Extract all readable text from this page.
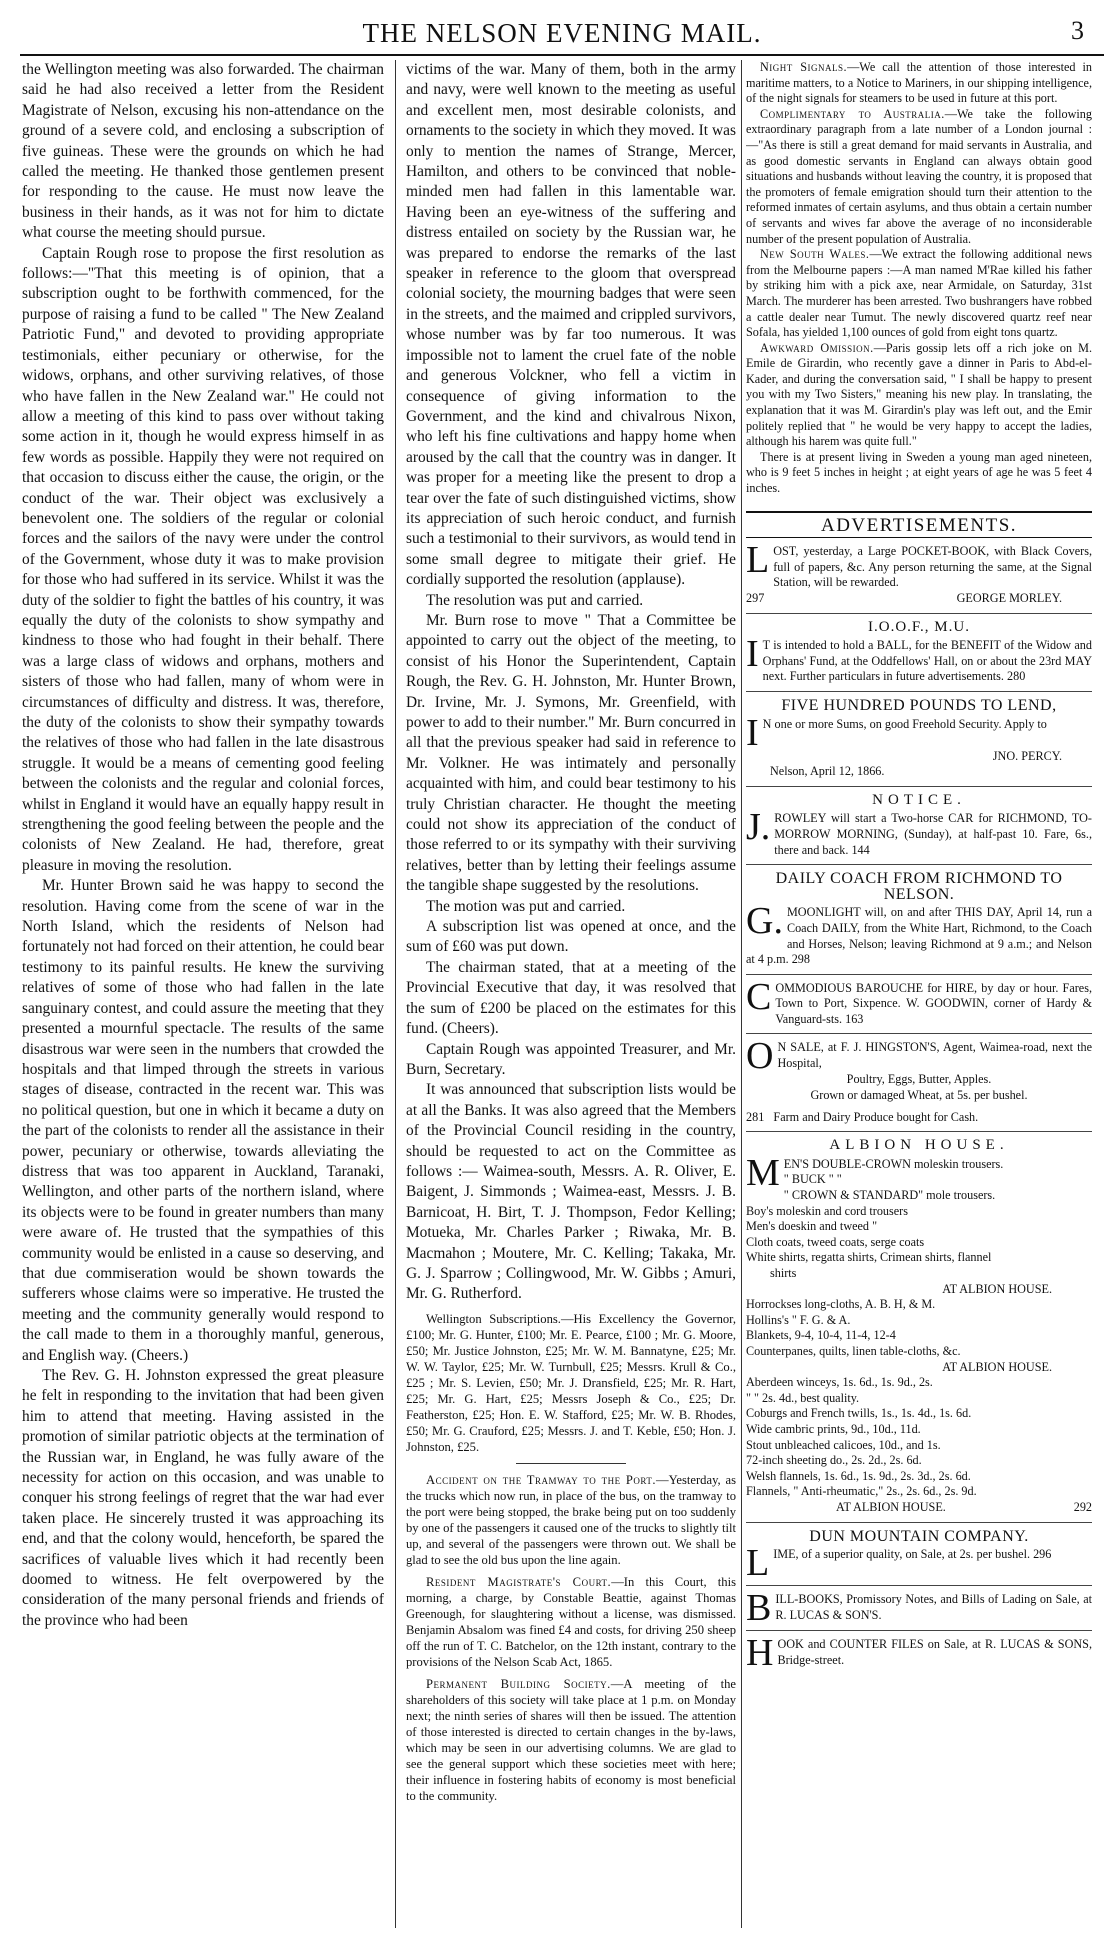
THE NELSON EVENING MAIL.	3

the Wellington meeting was also forwarded. The chairman said he had also received a letter from the Resident Magistrate of Nelson, excusing his non-attendance on the ground of a severe cold, and enclosing a subscription of five guineas. These were the grounds on which he had called the meeting. He thanked those gentlemen present for responding to the cause. He must now leave the business in their hands, as it was not for him to dictate what course the meeting should pursue.

Captain Rough rose to propose the first resolution as follows:—"That this meeting is of opinion, that a subscription ought to be forthwith commenced, for the purpose of raising a fund to be called " The New Zealand Patriotic Fund," and devoted to providing appropriate testimonials, either pecuniary or otherwise, for the widows, orphans, and other surviving relatives, of those who have fallen in the New Zealand war." He could not allow a meeting of this kind to pass over without taking some action in it, though he would express himself in as few words as possible. Happily they were not required on that occasion to discuss either the cause, the origin, or the conduct of the war. Their object was exclusively a benevolent one. The soldiers of the regular or colonial forces and the sailors of the navy were under the control of the Government, whose duty it was to make provision for those who had suffered in its service. Whilst it was the duty of the soldier to fight the battles of his country, it was equally the duty of the colonists to show sympathy and kindness to those who had fought in their behalf. There was a large class of widows and orphans, mothers and sisters of those who had fallen, many of whom were in circumstances of difficulty and distress. It was, therefore, the duty of the colonists to show their sympathy towards the relatives of those who had fallen in the late disastrous struggle. It would be a means of cementing good feeling between the colonists and the regular and colonial forces, whilst in England it would have an equally happy result in strengthening the good feeling between the people and the colonists of New Zealand. He had, therefore, great pleasure in moving the resolution.

Mr. Hunter Brown said he was happy to second the resolution. Having come from the scene of war in the North Island, which the residents of Nelson had fortunately not had forced on their attention, he could bear testimony to its painful results. He knew the surviving relatives of some of those who had fallen in the late sanguinary contest, and could assure the meeting that they presented a mournful spectacle. The results of the same disastrous war were seen in the numbers that crowded the hospitals and that limped through the streets in various stages of disease, contracted in the recent war. This was no political question, but one in which it became a duty on the part of the colonists to render all the assistance in their power, pecuniary or otherwise, towards alleviating the distress that was too apparent in Auckland, Taranaki, Wellington, and other parts of the northern island, where its objects were to be found in greater numbers than many were aware of. He trusted that the sympathies of this community would be enlisted in a cause so deserving, and that due commiseration would be shown towards the sufferers whose claims were so imperative. He trusted the meeting and the community generally would respond to the call made to them in a thoroughly manful, generous, and English way. (Cheers.)

The Rev. G. H. Johnston expressed the great pleasure he felt in responding to the invitation that had been given him to attend that meeting. Having assisted in the promotion of similar patriotic objects at the termination of the Russian war, in England, he was fully aware of the necessity for action on this occasion, and was unable to conquer his strong feelings of regret that the war had ever taken place. He sincerely trusted it was approaching its end, and that the colony would, henceforth, be spared the sacrifices of valuable lives which it had recently been doomed to witness. He felt overpowered by the consideration of the many personal friends and friends of the province who had been

victims of the war. Many of them, both in the army and navy, were well known to the meeting as useful and excellent men, most desirable colonists, and ornaments to the society in which they moved. It was only to mention the names of Strange, Mercer, Hamilton, and others to be convinced that noble-minded men had fallen in this lamentable war. Having been an eye-witness of the suffering and distress entailed on society by the Russian war, he was prepared to endorse the remarks of the last speaker in reference to the gloom that overspread colonial society, the mourning badges that were seen in the streets, and the maimed and crippled survivors, whose number was by far too numerous. It was impossible not to lament the cruel fate of the noble and generous Volckner, who fell a victim in consequence of giving information to the Government, and the kind and chivalrous Nixon, who left his fine cultivations and happy home when aroused by the call that the country was in danger. It was proper for a meeting like the present to drop a tear over the fate of such distinguished victims, show its appreciation of such heroic conduct, and furnish such a testimonial to their survivors, as would tend in some small degree to mitigate their grief. He cordially supported the resolution (applause).

The resolution was put and carried.

Mr. Burn rose to move " That a Committee be appointed to carry out the object of the meeting, to consist of his Honor the Superintendent, Captain Rough, the Rev. G. H. Johnston, Mr. Hunter Brown, Dr. Irvine, Mr. J. Symons, Mr. Greenfield, with power to add to their number." Mr. Burn concurred in all that the previous speaker had said in reference to Mr. Volkner. He was intimately and personally acquainted with him, and could bear testimony to his truly Christian character. He thought the meeting could not show its appreciation of the conduct of those referred to or its sympathy with their surviving relatives, better than by letting their feelings assume the tangible shape suggested by the resolutions.

The motion was put and carried.

A subscription list was opened at once, and the sum of £60 was put down.

The chairman stated, that at a meeting of the Provincial Executive that day, it was resolved that the sum of £200 be placed on the estimates for this fund. (Cheers).

Captain Rough was appointed Treasurer, and Mr. Burn, Secretary.

It was announced that subscription lists would be at all the Banks. It was also agreed that the Members of the Provincial Council residing in the country, should be requested to act on the Committee as follows :— Waimea-south, Messrs. A. R. Oliver, E. Baigent, J. Simmonds ; Waimea-east, Messrs. J. B. Barnicoat, H. Birt, T. J. Thompson, Fedor Kelling; Motueka, Mr. Charles Parker ; Riwaka, Mr. B. Macmahon ; Moutere, Mr. C. Kelling; Takaka, Mr. G. J. Sparrow ; Collingwood, Mr. W. Gibbs ; Amuri, Mr. G. Rutherford.

Wellington Subscriptions.—His Excellency the Governor, £100; Mr. G. Hunter, £100; Mr. E. Pearce, £100 ; Mr. G. Moore, £50; Mr. Justice Johnston, £25; Mr. W. M. Bannatyne, £25; Mr. W. W. Taylor, £25; Mr. W. Turnbull, £25; Messrs. Krull & Co., £25 ; Mr. S. Levien, £50; Mr. J. Dransfield, £25; Mr. R. Hart, £25; Mr. G. Hart, £25; Messrs Joseph & Co., £25; Dr. Featherston, £25; Hon. E. W. Stafford, £25; Mr. W. B. Rhodes, £50; Mr. G. Crauford, £25; Messrs. J. and T. Keble, £50; Hon. J. Johnston, £25.

Accident on the Tramway to the Port.—Yesterday, as the trucks which now run, in place of the bus, on the tramway to the port were being stopped, the brake being put on too suddenly by one of the passengers it caused one of the trucks to slightly tilt up, and several of the passengers were thrown out. We shall be glad to see the old bus upon the line again.

Resident Magistrate's Court.—In this Court, this morning, a charge, by Constable Beattie, against Thomas Greenough, for slaughtering without a license, was dismissed. Benjamin Absalom was fined £4 and costs, for driving 250 sheep off the run of T. C. Batchelor, on the 12th instant, contrary to the provisions of the Nelson Scab Act, 1865.

Permanent Building Society.—A meeting of the shareholders of this society will take place at 1 p.m. on Monday next; the ninth series of shares will then be issued. The attention of those interested is directed to certain changes in the by-laws, which may be seen in our advertising columns. We are glad to see the general support which these societies meet with here; their influence in fostering habits of economy is most beneficial to the community.

Night Signals.—We call the attention of those interested in maritime matters, to a Notice to Mariners, in our shipping intelligence, of the night signals for steamers to be used in future at this port.

Complimentary to Australia.—We take the following extraordinary paragraph from a late number of a London journal :—"As there is still a great demand for maid servants in Australia, and as good domestic servants in England can always obtain good situations and husbands without leaving the country, it is proposed that the promoters of female emigration should turn their attention to the reformed inmates of certain asylums, and thus obtain a certain number of servants and wives far above the average of no inconsiderable number of the present population of Australia.

New South Wales.—We extract the following additional news from the Melbourne papers :—A man named M'Rae killed his father by striking him with a pick axe, near Armidale, on Saturday, 31st March. The murderer has been arrested. Two bushrangers have robbed a cattle dealer near Tumut. The newly discovered quartz reef near Sofala, has yielded 1,100 ounces of gold from eight tons quartz.

Awkward Omission.—Paris gossip lets off a rich joke on M. Emile de Girardin, who recently gave a dinner in Paris to Abd-el-Kader, and during the conversation said, " I shall be happy to present you with my Two Sisters," meaning his new play. In translating, the explanation that it was M. Girardin's play was left out, and the Emir politely replied that " he would be very happy to accept the ladies, although his harem was quite full."

There is at present living in Sweden a young man aged nineteen, who is 9 feet 5 inches in height ; at eight years of age he was 5 feet 4 inches.

ADVERTISEMENTS.

LOST, yesterday, a Large POCKET-BOOK, with Black Covers, full of papers, &c. Any person returning the same, at the Signal Station, will be rewarded.

297	GEORGE MORLEY.
I.O.O.F., M.U.

I T is intended to hold a BALL, for the BENEFIT of the Widow and Orphans' Fund, at the Oddfellows' Hall, on or about the 23rd MAY next. Further particulars in future advertisements. 280

FIVE HUNDRED POUNDS TO LEND,

I N one or more Sums, on good Freehold Security. Apply to

JNO. PERCY.
Nelson, April 12, 1866.
NOTICE.

J. ROWLEY will start a Two-horse CAR for RICHMOND, TO-MORROW MORNING, (Sunday), at half-past 10. Fare, 6s., there and back. 144

DAILY COACH FROM RICHMOND TO NELSON.

G. MOONLIGHT will, on and after THIS DAY, April 14, run a Coach DAILY, from the White Hart, Richmond, to the Coach and Horses, Nelson; leaving Richmond at 9 a.m.; and Nelson at 4 p.m. 298

COMMODIOUS BAROUCHE for HIRE, by day or hour. Fares, Town to Port, Sixpence. W. GOODWIN, corner of Hardy & Vanguard-sts. 163

O N SALE, at F. J. HINGSTON'S, Agent, Waimea-road, next the Hospital,

Poultry, Eggs, Butter, Apples.
Grown or damaged Wheat, at 5s. per bushel.
281 Farm and Dairy Produce bought for Cash.
ALBION HOUSE.

MEN'S DOUBLE-CROWN moleskin trousers.

" BUCK " "

" CROWN & STANDARD" mole trousers.

Boy's moleskin and cord trousers

Men's doeskin and tweed "

Cloth coats, tweed coats, serge coats

White shirts, regatta shirts, Crimean shirts, flannel

shirts

AT ALBION HOUSE.

Horrockses long-cloths, A. B. H, & M.

Hollins's " F. G. & A.

Blankets, 9-4, 10-4, 11-4, 12-4

Counterpanes, quilts, linen table-cloths, &c.

AT ALBION HOUSE.

Aberdeen winceys, 1s. 6d., 1s. 9d., 2s.

" " 2s. 4d., best quality.

Coburgs and French twills, 1s., 1s. 4d., 1s. 6d.

Wide cambric prints, 9d., 10d., 11d.

Stout unbleached calicoes, 10d., and 1s.

72-inch sheeting do., 2s. 2d., 2s. 6d.

Welsh flannels, 1s. 6d., 1s. 9d., 2s. 3d., 2s. 6d.

Flannels, " Anti-rheumatic," 2s., 2s. 6d., 2s. 9d.

AT ALBION HOUSE.	292
DUN MOUNTAIN COMPANY.

LIME, of a superior quality, on Sale, at 2s. per bushel. 296

BILL-BOOKS, Promissory Notes, and Bills of Lading on Sale, at R. LUCAS & SON'S.

HOOK and COUNTER FILES on Sale, at R. LUCAS & SONS, Bridge-street.
